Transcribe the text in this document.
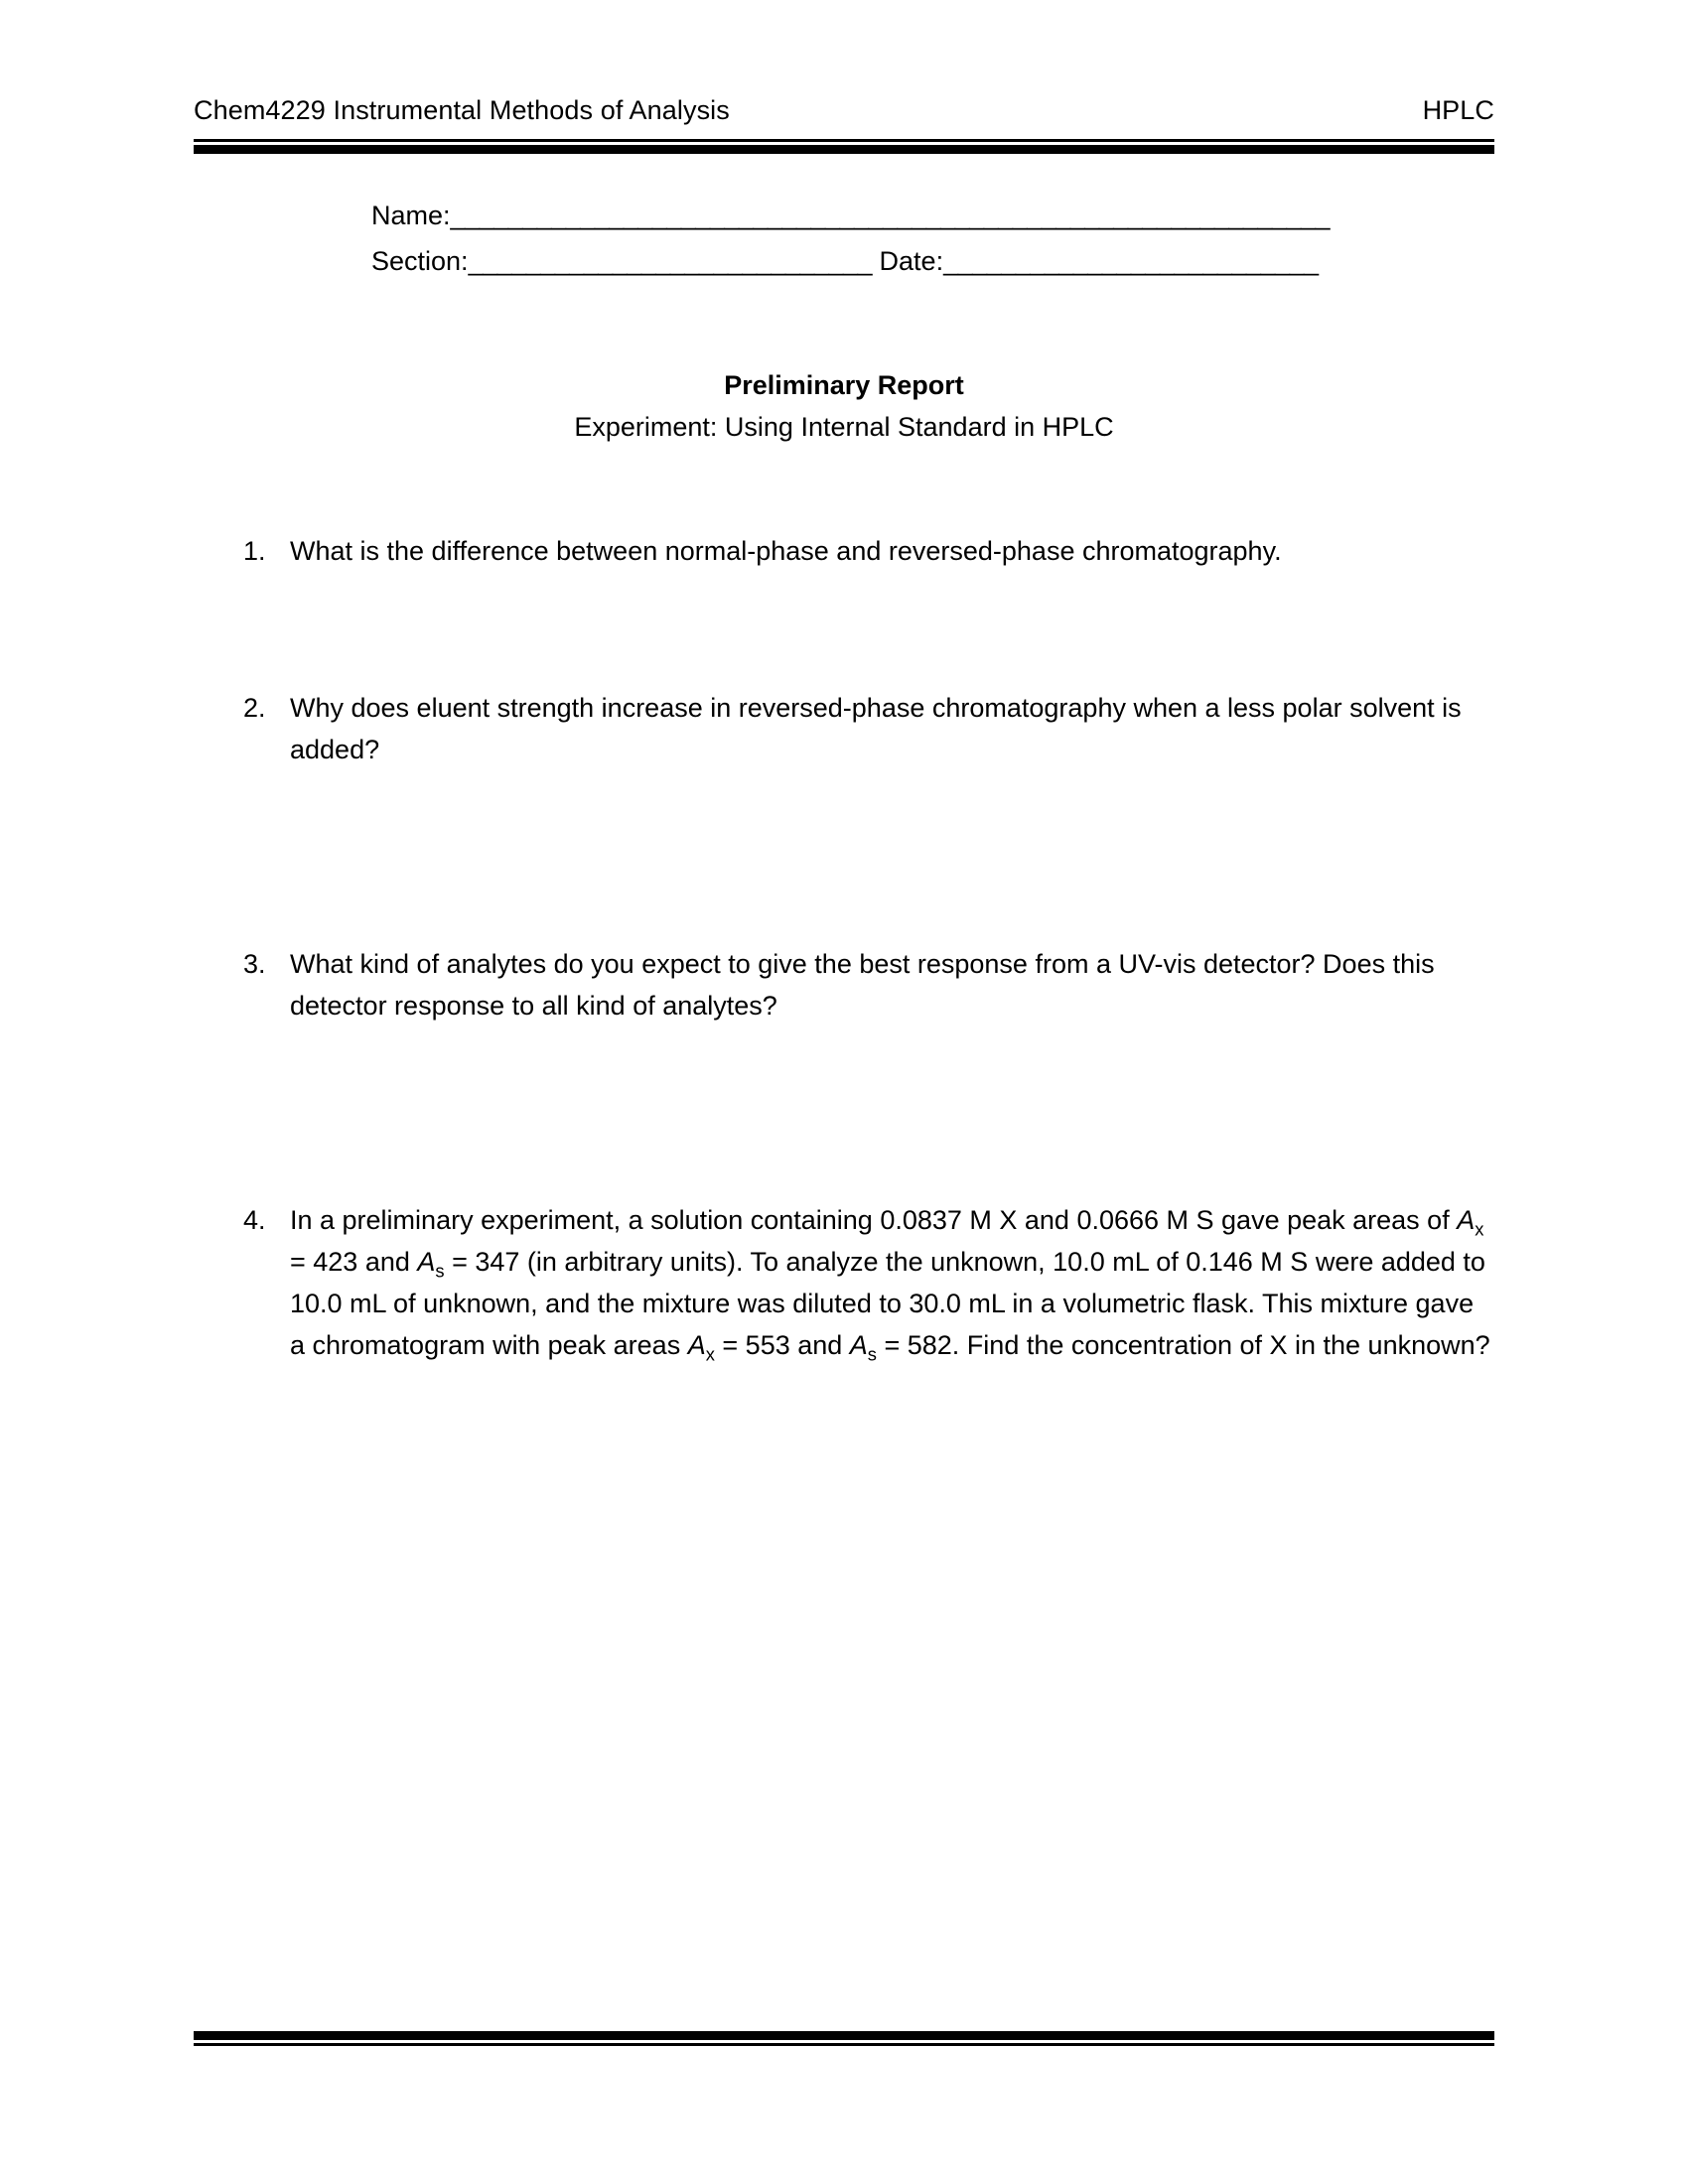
Chem4229 Instrumental Methods of Analysis	HPLC
Name:_____________________________________________________________
Section:____________________________ Date:__________________________
Preliminary Report
Experiment: Using Internal Standard in HPLC
1. What is the difference between normal-phase and reversed-phase chromatography.
2. Why does eluent strength increase in reversed-phase chromatography when a less polar solvent is added?
3. What kind of analytes do you expect to give the best response from a UV-vis detector? Does this detector response to all kind of analytes?
4. In a preliminary experiment, a solution containing 0.0837 M X and 0.0666 M S gave peak areas of $A_x = 423$ and $A_s = 347$ (in arbitrary units). To analyze the unknown, 10.0 mL of 0.146 M S were added to 10.0 mL of unknown, and the mixture was diluted to 30.0 mL in a volumetric flask. This mixture gave a chromatogram with peak areas $A_x = 553$ and $A_s = 582$. Find the concentration of X in the unknown?
